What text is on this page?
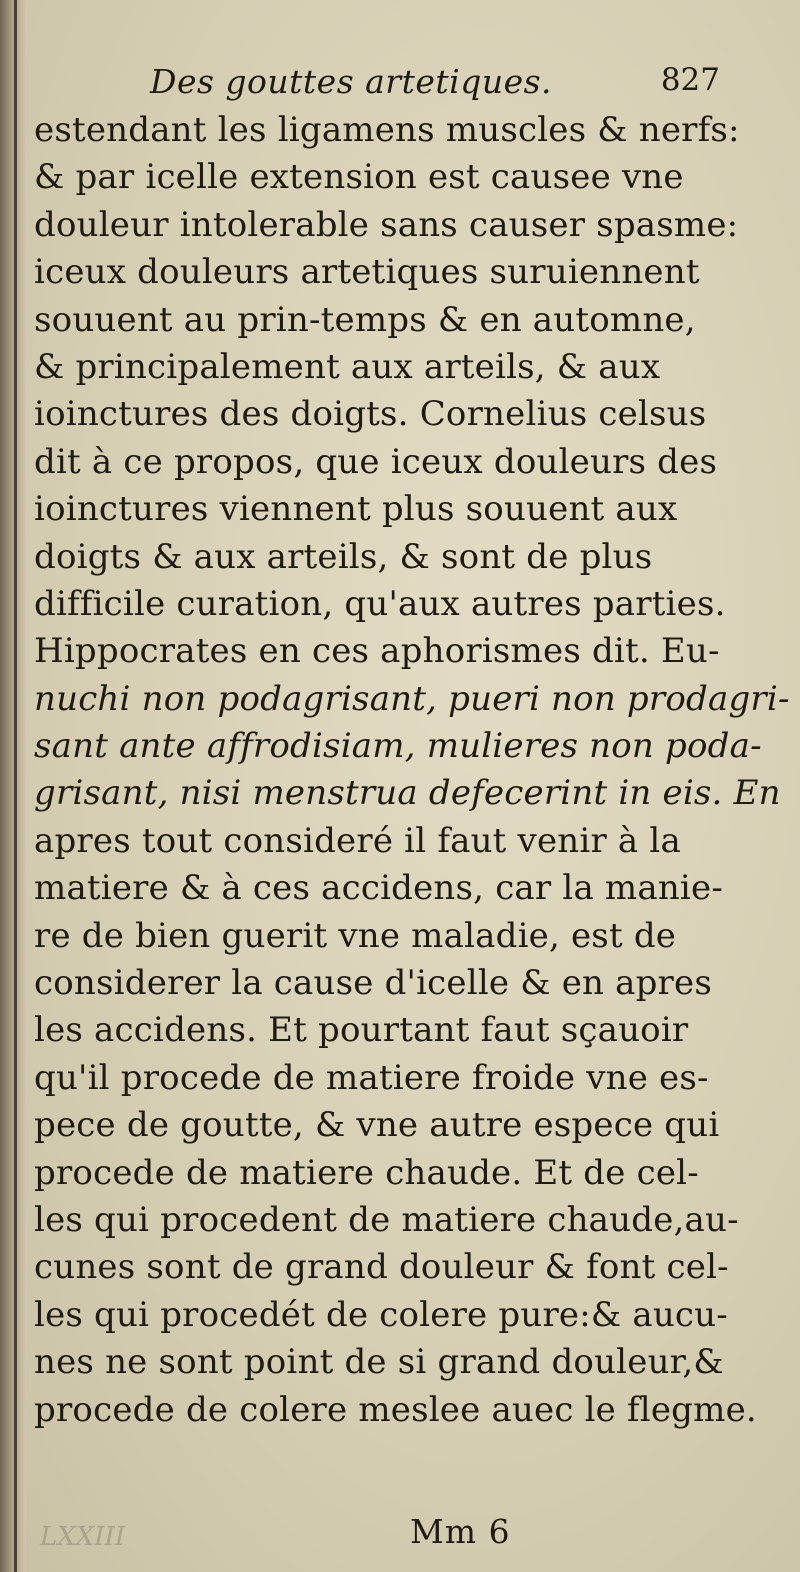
Des gouttes artetiques.	827
estendant les ligamens muscles & nerfs:
& par icelle extension est causee vne
douleur intolerable sans causer spasme:
iceux douleurs artetiques suruiennent
souuent au prin-temps & en automne,
& principalement aux arteils, & aux
ioinctures des doigts. Cornelius celsus
dit à ce propos, que iceux douleurs des
ioinctures viennent plus souuent aux
doigts & aux arteils, & sont de plus
difficile curation, qu'aux autres parties.
Hippocrates en ces aphorismes dit. Eu-
nuchi non podagrisant, pueri non prodagri-
sant ante affrodisiam, mulieres non poda-
grisant, nisi menstrua defecerint in eis. En
apres tout consideré il faut venir à la
matiere & à ces accidens, car la manie-
re de bien guerit vne maladie, est de
considerer la cause d'icelle & en apres
les accidens. Et pourtant faut sçauoir
qu'il procede de matiere froide vne es-
pece de goutte, & vne autre espece qui
procede de matiere chaude. Et de cel-
les qui procedent de matiere chaude,au-
cunes sont de grand douleur & font cel-
les qui procedét de colere pure:& aucu-
nes ne sont point de si grand douleur,&
procede de colere meslee auec le flegme.
LXXIII	Mm 6
